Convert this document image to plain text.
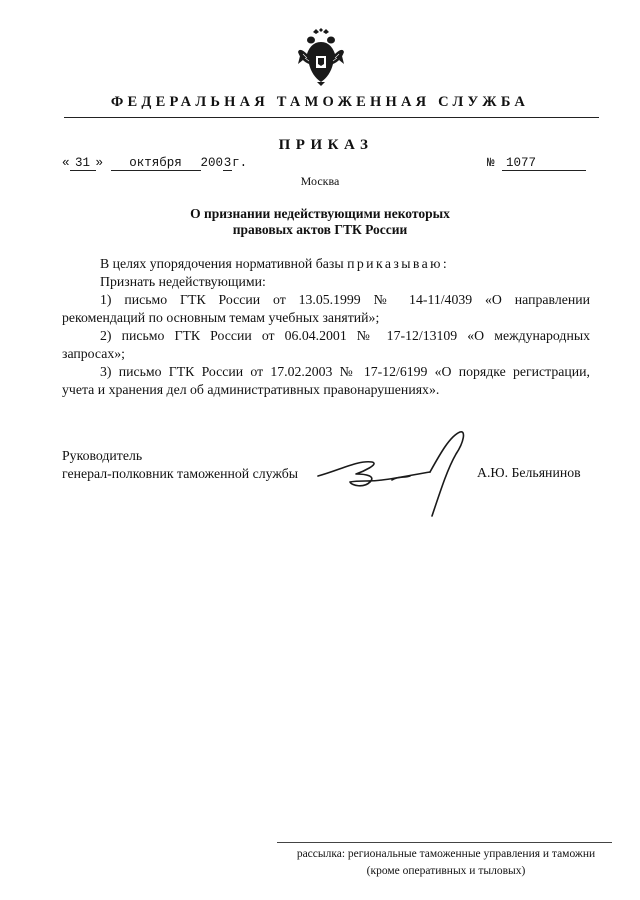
ФЕДЕРАЛЬНАЯ ТАМОЖЕННАЯ СЛУЖБА
ПРИКАЗ
« 31 » октября 2003г.	№ 1077
Москва
О признании недействующими некоторых
правовых актов ГТК России

В целях упорядочения нормативной базы приказываю:

Признать недействующими:

1) письмо ГТК России от 13.05.1999 № 14-11/4039 «О направлении

рекомендаций по основным темам учебных занятий»;

2) письмо ГТК России от 06.04.2001 № 17-12/13109 «О международных

запросах»;

3) письмо ГТК России от 17.02.2003 № 17-12/6199 «О порядке регистрации,

учета и хранения дел об административных правонарушениях».

Руководитель
генерал-полковник таможенной службы	А.Ю. Бельянинов
рассылка: региональные таможенные управления и таможни
(кроме оперативных и тыловых)
